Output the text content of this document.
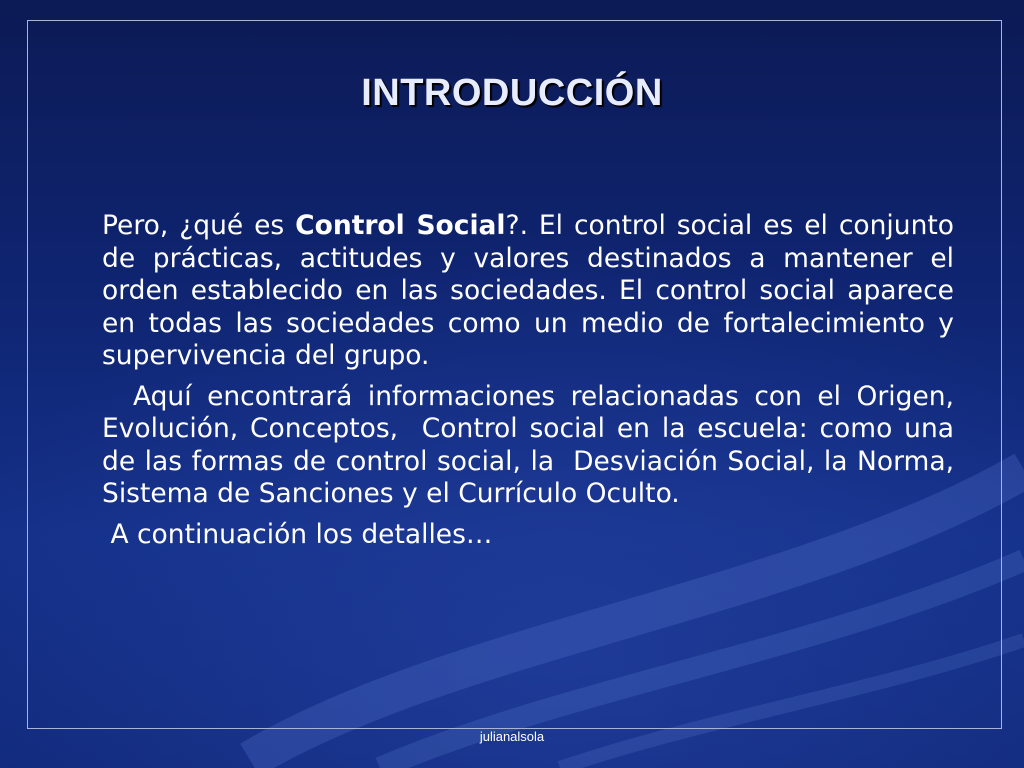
INTRODUCCIÓN

Pero, ¿qué es Control Social?. El control social es el conjunto de prácticas, actitudes y valores destinados a mantener el orden establecido en las sociedades. El control social aparece en todas las sociedades como un medio de fortalecimiento y supervivencia del grupo.

Aquí encontrará informaciones relacionadas con el Origen, Evolución, Conceptos,  Control social en la escuela: como una de las formas de control social, la  Desviación Social, la Norma, Sistema de Sanciones y el Currículo Oculto.

A continuación los detalles…

julianalsola
